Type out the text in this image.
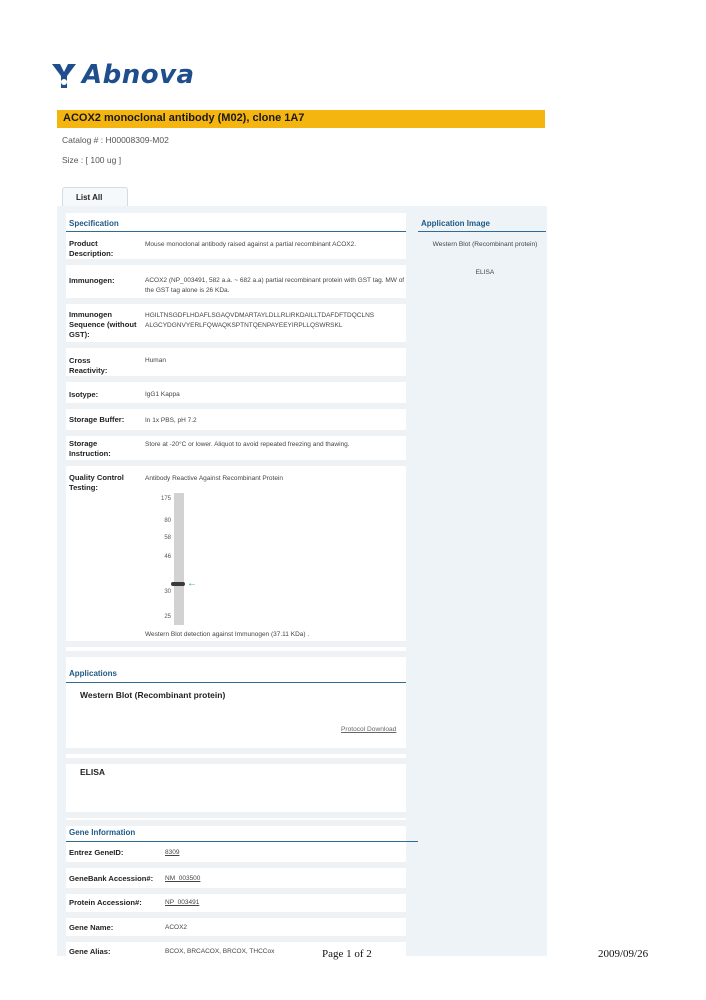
Abnova
ACOX2 monoclonal antibody (M02), clone 1A7
Catalog # : H00008309-M02
Size : [ 100 ug ]
List All
Specification	Application Image
Western Blot (Recombinant protein)
ELISA
Product Description:
Mouse monoclonal antibody raised against a partial recombinant ACOX2.
Immunogen:	ACOX2 (NP_003491, 582 a.a. ~ 682 a.a) partial recombinant protein with GST tag. MW of the GST tag alone is 26 KDa.
Immunogen Sequence (without GST):
HGILTNSGDFLHDAFLSGAQVDMARTAYLDLLRLIRKDAILLTDAFDFTDQCLNSALGCYDGNVYERLFQWAQKSPTNTQENPAYEEYIRPLLQSWRSKL
Cross Reactivity:
Human
Isotype:	IgG1 Kappa
Storage Buffer:	In 1x PBS, pH 7.2
Storage Instruction:
Store at -20°C or lower. Aliquot to avoid repeated freezing and thawing.
Quality Control Testing:
Antibody Reactive Against Recombinant Protein
175
80
58
46
30
25
←
Western Blot detection against Immunogen (37.11 KDa) .
Applications
Western Blot (Recombinant protein)
Protocol Download
ELISA
Gene Information
Entrez GeneID:	8309
GeneBank Accession#: NM_003500
Protein Accession#:	NP_003491
Gene Name:	ACOX2
Gene Alias:	BCOX, BRCACOX, BRCOX, THCCox	Page 1 of 2	2009/09/26
